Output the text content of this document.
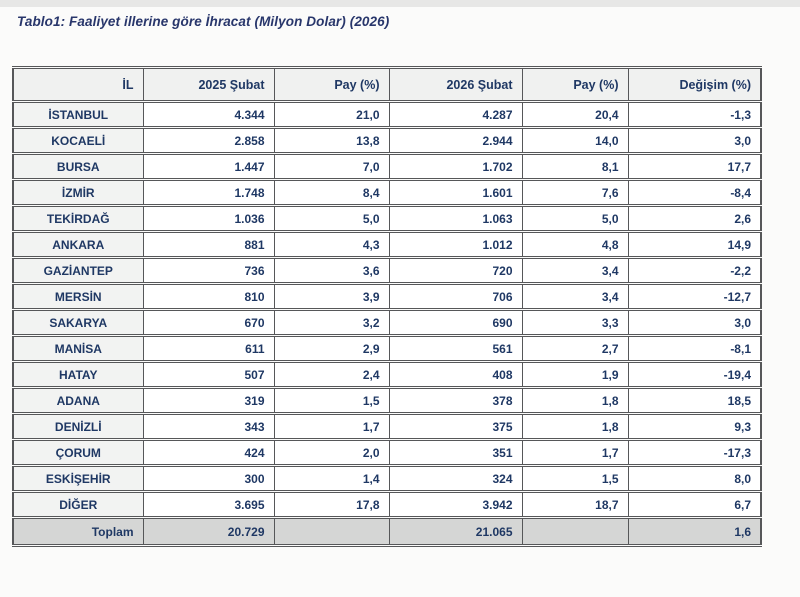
Tablo1: Faaliyet illerine göre İhracat (Milyon Dolar) (2026)
İL	2025 Şubat	Pay (%)	2026 Şubat	Pay (%)	Değişim (%)
İSTANBUL	4.344	21,0	4.287	20,4	-1,3
KOCAELİ	2.858	13,8	2.944	14,0	3,0
BURSA	1.447	7,0	1.702	8,1	17,7
İZMİR	1.748	8,4	1.601	7,6	-8,4
TEKİRDAĞ	1.036	5,0	1.063	5,0	2,6
ANKARA	881	4,3	1.012	4,8	14,9
GAZİANTEP	736	3,6	720	3,4	-2,2
MERSİN	810	3,9	706	3,4	-12,7
SAKARYA	670	3,2	690	3,3	3,0
MANİSA	611	2,9	561	2,7	-8,1
HATAY	507	2,4	408	1,9	-19,4
ADANA	319	1,5	378	1,8	18,5
DENİZLİ	343	1,7	375	1,8	9,3
ÇORUM	424	2,0	351	1,7	-17,3
ESKİŞEHİR	300	1,4	324	1,5	8,0
DİĞER	3.695	17,8	3.942	18,7	6,7
Toplam	20.729		21.065		1,6
